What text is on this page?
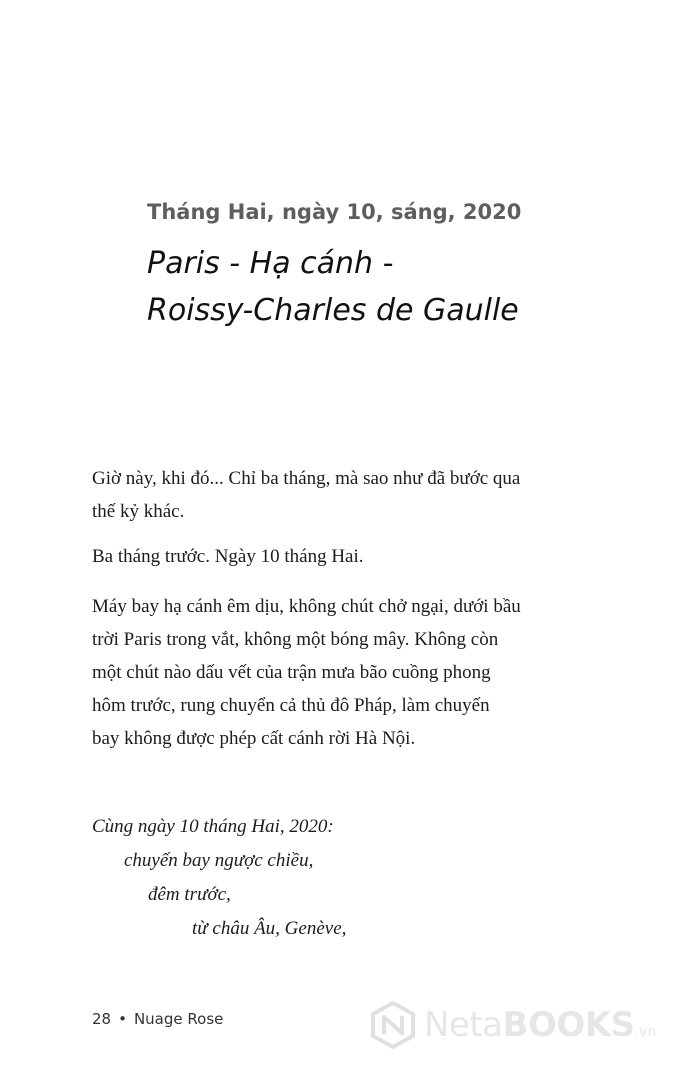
Tháng Hai, ngày 10, sáng, 2020
Paris - Hạ cánh -
Roissy-Charles de Gaulle

Giờ này, khi đó... Chỉ ba tháng, mà sao như đã bước qua
thế kỷ khác.

Ba tháng trước. Ngày 10 tháng Hai.

Máy bay hạ cánh êm dịu, không chút chở ngại, dưới bầu
trời Paris trong vắt, không một bóng mây. Không còn
một chút nào dấu vết của trận mưa bão cuồng phong
hôm trước, rung chuyển cả thủ đô Pháp, làm chuyến
bay không được phép cất cánh rời Hà Nội.

Cùng ngày 10 tháng Hai, 2020:
chuyến bay ngược chiều,
đêm trước,
từ châu Âu, Genève,
28 • Nuage Rose	NetaBOOKS.vn
